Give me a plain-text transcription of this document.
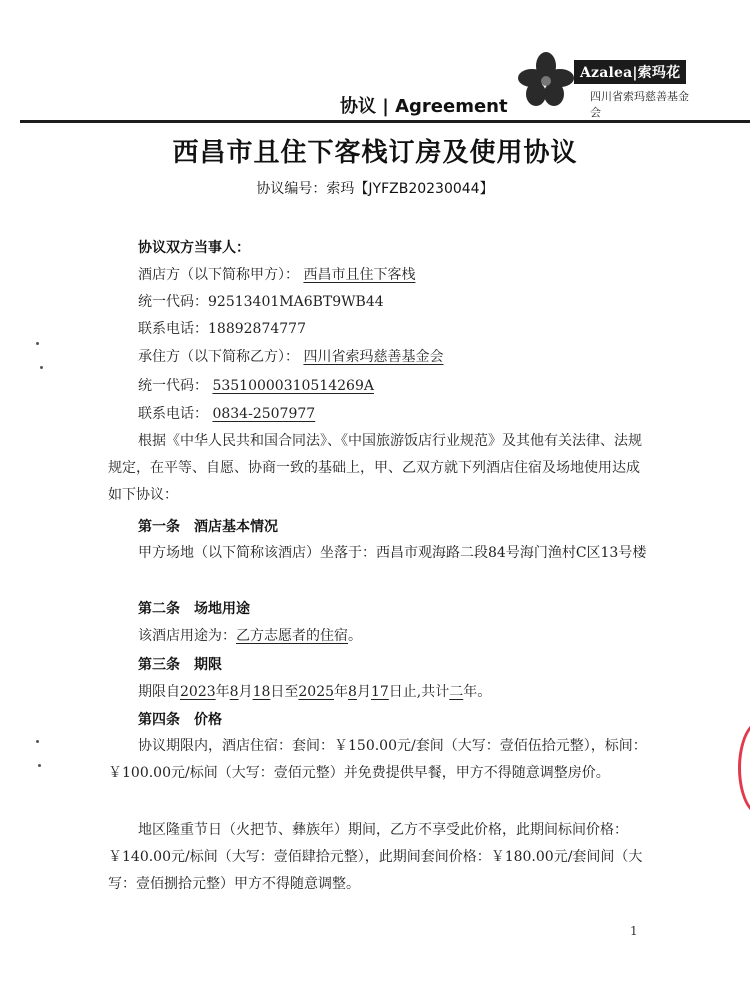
Azalea|索玛花
四川省索玛慈善基金会
协议 | Agreement
西昌市且住下客栈订房及使用协议
协议编号：索玛【JYFZB20230044】
协议双方当事人：
酒店方（以下简称甲方）： 西昌市且住下客栈
统一代码：92513401MA6BT9WB44
联系电话：18892874777
承住方（以下简称乙方）： 四川省索玛慈善基金会
统一代码： 53510000310514269A
联系电话： 0834-2507977
根据《中华人民共和国合同法》、《中国旅游饭店行业规范》及其他有关法律、法规规定，在平等、自愿、协商一致的基础上，甲、乙双方就下列酒店住宿及场地使用达成如下协议：
第一条　酒店基本情况
甲方场地（以下简称该酒店）坐落于：西昌市观海路二段84号海门渔村C区13号楼
第二条　场地用途
该酒店用途为：乙方志愿者的住宿。
第三条　期限
期限自2023年8月18日至2025年8月17日止,共计二年。
第四条　价格
协议期限内，酒店住宿：套间：￥150.00元/套间（大写：壹佰伍拾元整），标间：￥100.00元/标间（大写：壹佰元整）并免费提供早餐，甲方不得随意调整房价。
地区隆重节日（火把节、彝族年）期间，乙方不享受此价格，此期间标间价格：￥140.00元/标间（大写：壹佰肆拾元整），此期间套间价格：￥180.00元/套间间（大写：壹佰捌拾元整）甲方不得随意调整。
1
